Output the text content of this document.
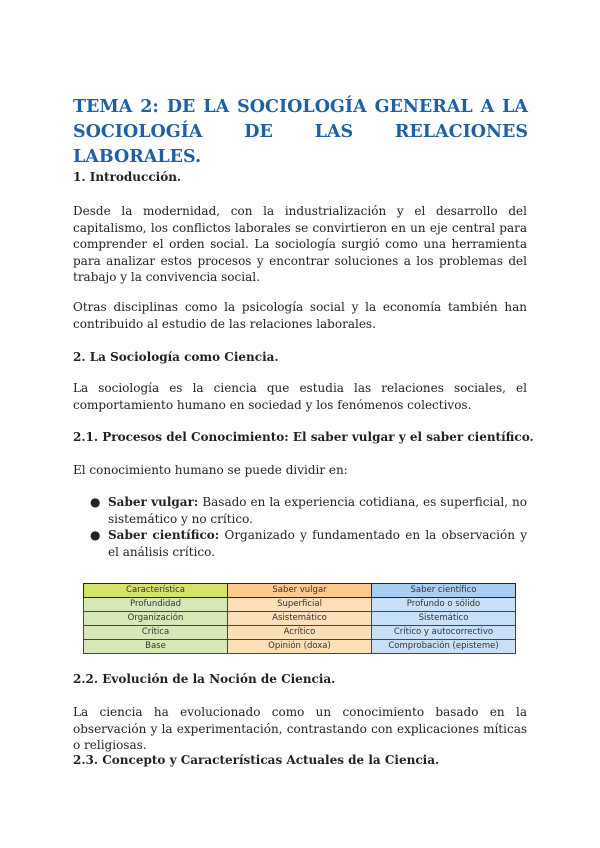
TEMA 2: DE LA SOCIOLOGÍA GENERAL A LA
SOCIOLOGÍA DE LAS RELACIONES LABORALES.
1. Introducción.

Desde la modernidad, con la industrialización y el desarrollo del capitalismo, los conflictos laborales se convirtieron en un eje central para comprender el orden social. La sociología surgió como una herramienta para analizar estos procesos y encontrar soluciones a los problemas del trabajo y la convivencia social.

Otras disciplinas como la psicología social y la economía también han contribuido al estudio de las relaciones laborales.

2. La Sociología como Ciencia.

La sociología es la ciencia que estudia las relaciones sociales, el comportamiento humano en sociedad y los fenómenos colectivos.

2.1. Procesos del Conocimiento: El saber vulgar y el saber científico.

El conocimiento humano se puede dividir en:

● Saber vulgar: Basado en la experiencia cotidiana, es superficial, no sistemático y no crítico.
● Saber científico: Organizado y fundamentado en la observación y el análisis crítico.
Característica	Saber vulgar	Saber científico
Profundidad	Superficial	Profundo o sólido
Organización	Asistemático	Sistemático
Crítica	Acrítico	Crítico y autocorrectivo
Base	Opinión (doxa)	Comprobación (episteme)
2.2. Evolución de la Noción de Ciencia.

La ciencia ha evolucionado como un conocimiento basado en la observación y la experimentación, contrastando con explicaciones míticas o religiosas.

2.3. Concepto y Características Actuales de la Ciencia.
